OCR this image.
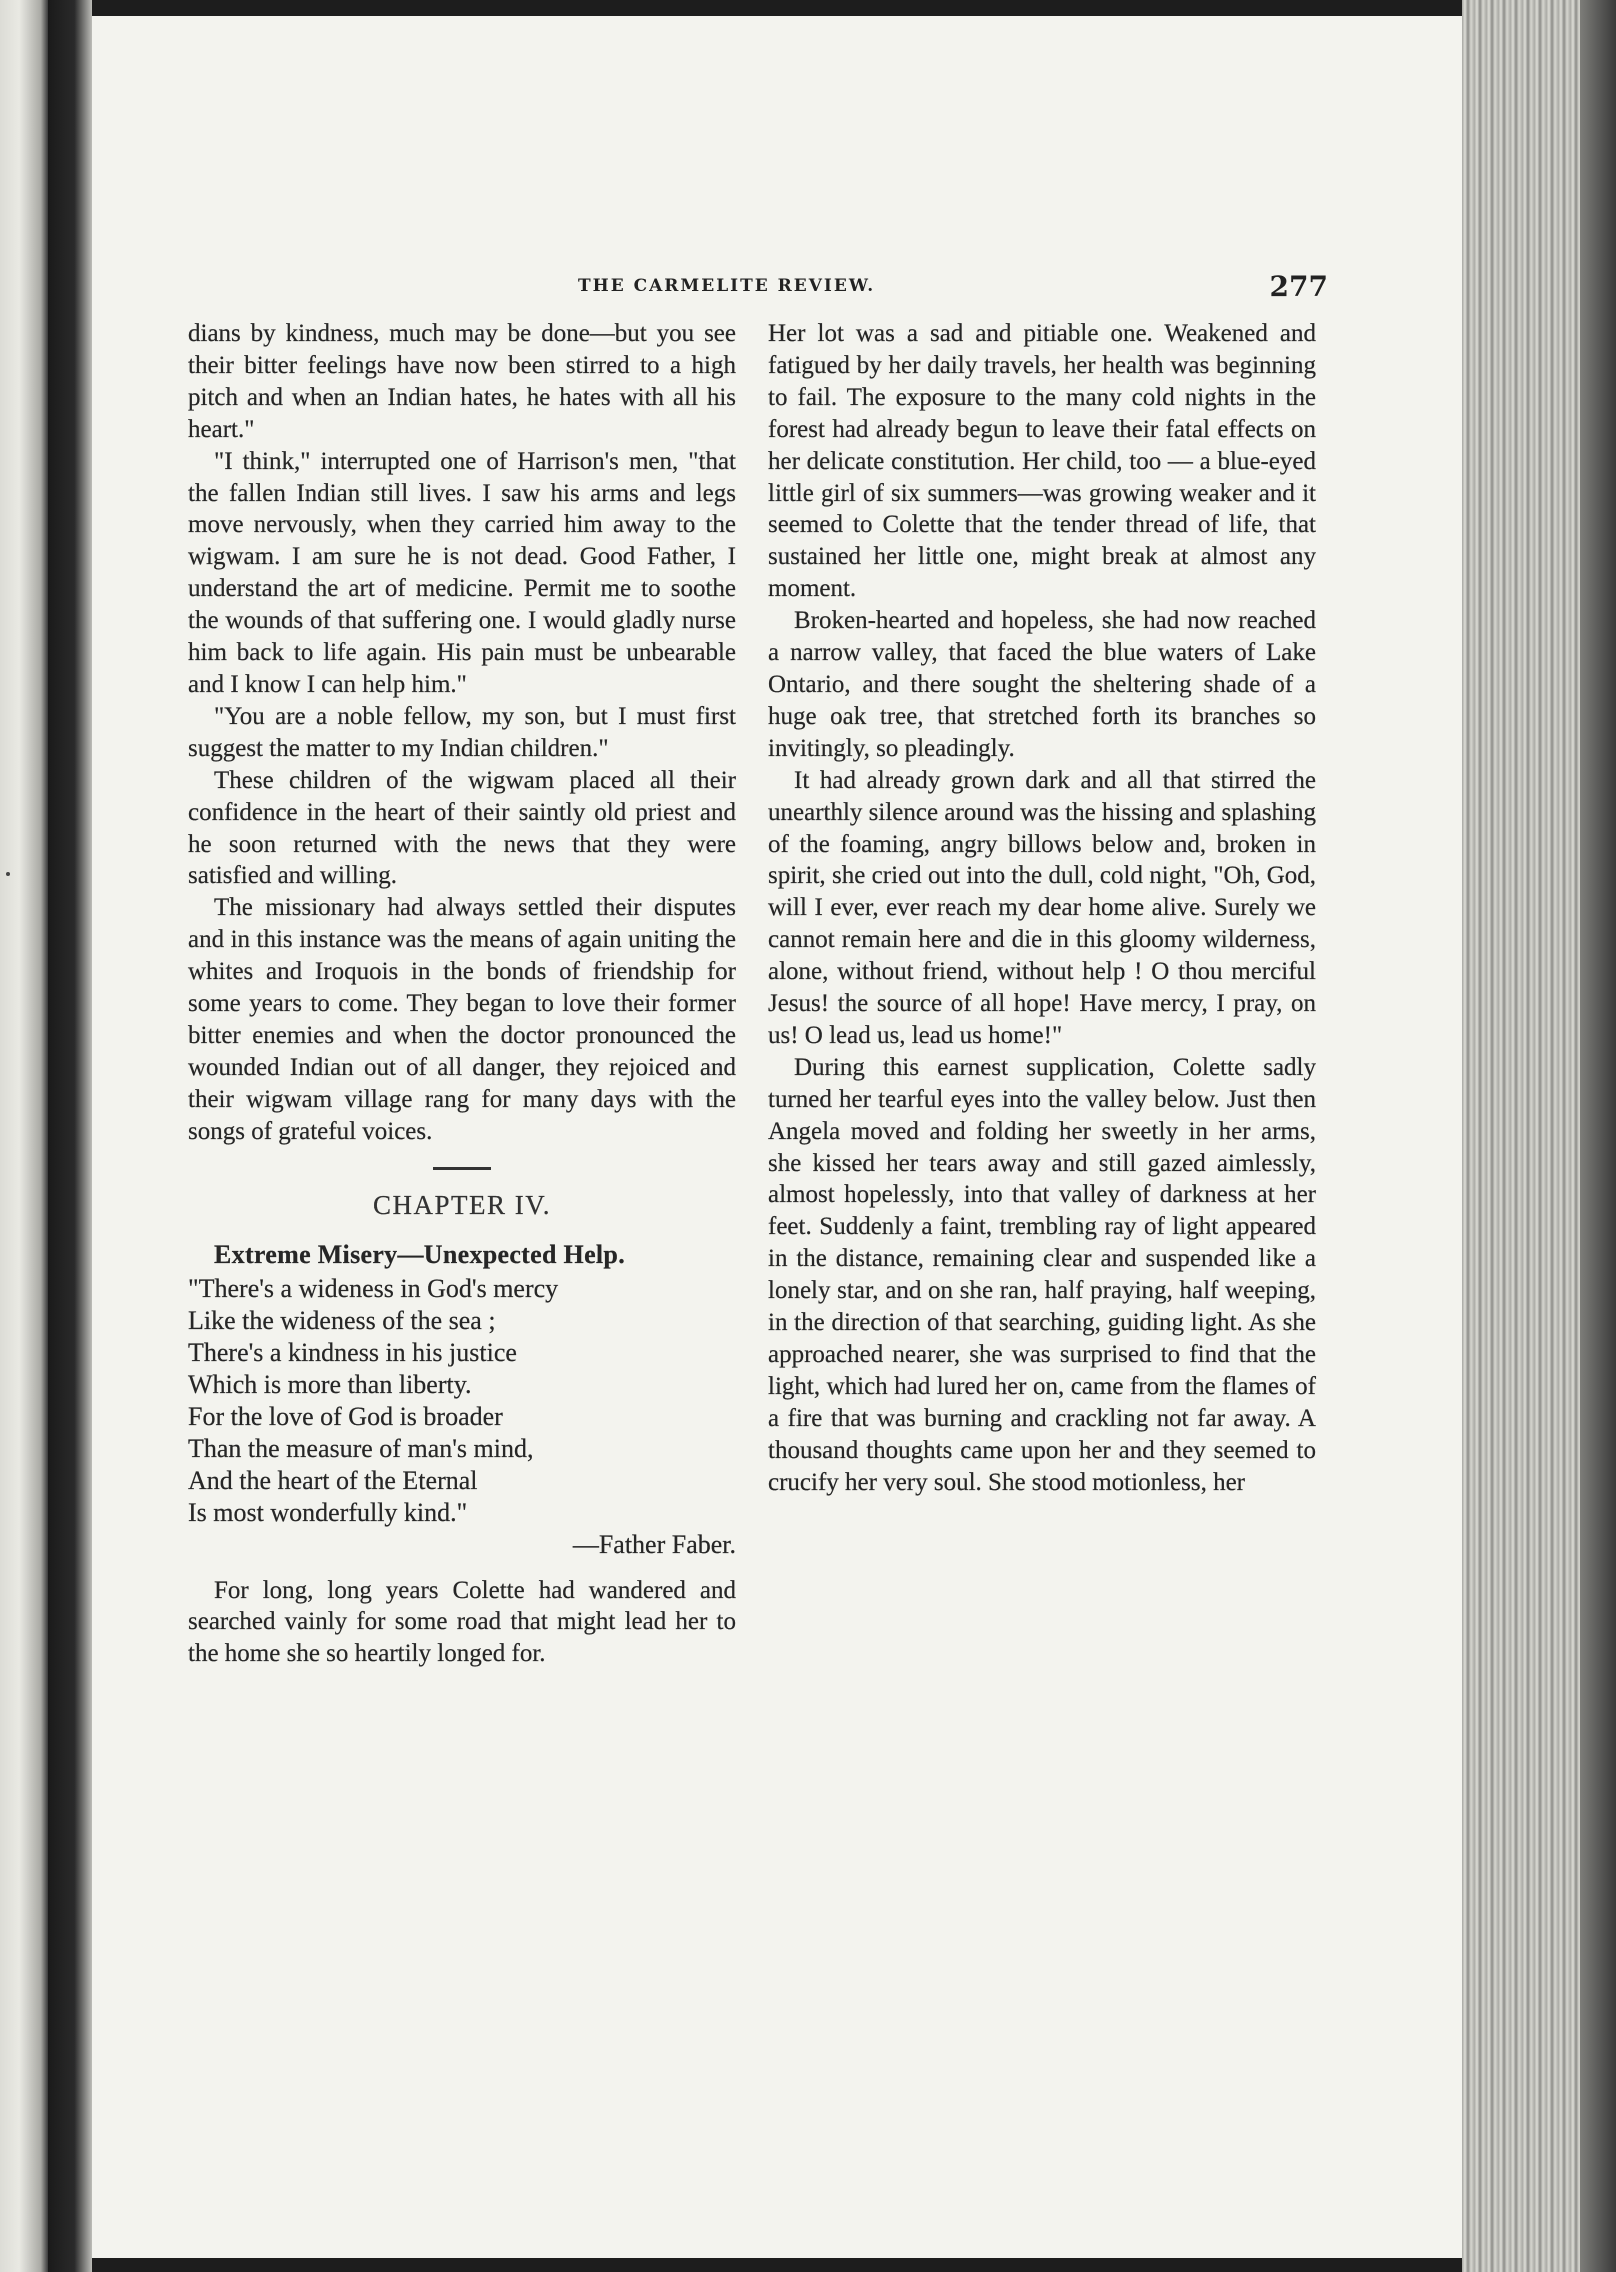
THE CARMELITE REVIEW.	277

dians by kindness, much may be done—but you see their bitter feelings have now been stirred to a high pitch and when an Indian hates, he hates with all his heart."

"I think," interrupted one of Harrison's men, "that the fallen Indian still lives. I saw his arms and legs move nervously, when they carried him away to the wigwam. I am sure he is not dead. Good Father, I understand the art of medicine. Permit me to soothe the wounds of that suffering one. I would gladly nurse him back to life again. His pain must be unbearable and I know I can help him."

"You are a noble fellow, my son, but I must first suggest the matter to my Indian children."

These children of the wigwam placed all their confidence in the heart of their saintly old priest and he soon returned with the news that they were satisfied and willing.

The missionary had always settled their disputes and in this instance was the means of again uniting the whites and Iroquois in the bonds of friendship for some years to come. They began to love their former bitter enemies and when the doctor pronounced the wounded Indian out of all danger, they rejoiced and their wigwam village rang for many days with the songs of grateful voices.

CHAPTER IV.

Extreme Misery—Unexpected Help.

"There's a wideness in God's mercy
Like the wideness of the sea ;
There's a kindness in his justice
Which is more than liberty.
For the love of God is broader
Than the measure of man's mind,
And the heart of the Eternal
Is most wonderfully kind."
—Father Faber.

For long, long years Colette had wandered and searched vainly for some road that might lead her to the home she so heartily longed for.

Her lot was a sad and pitiable one. Weakened and fatigued by her daily travels, her health was beginning to fail. The exposure to the many cold nights in the forest had already begun to leave their fatal effects on her delicate constitution. Her child, too — a blue-eyed little girl of six summers—was growing weaker and it seemed to Colette that the tender thread of life, that sustained her little one, might break at almost any moment.

Broken-hearted and hopeless, she had now reached a narrow valley, that faced the blue waters of Lake Ontario, and there sought the sheltering shade of a huge oak tree, that stretched forth its branches so invitingly, so pleadingly.

It had already grown dark and all that stirred the unearthly silence around was the hissing and splashing of the foaming, angry billows below and, broken in spirit, she cried out into the dull, cold night, "Oh, God, will I ever, ever reach my dear home alive. Surely we cannot remain here and die in this gloomy wilderness, alone, without friend, without help ! O thou merciful Jesus! the source of all hope! Have mercy, I pray, on us! O lead us, lead us home!"

During this earnest supplication, Colette sadly turned her tearful eyes into the valley below. Just then Angela moved and folding her sweetly in her arms, she kissed her tears away and still gazed aimlessly, almost hopelessly, into that valley of darkness at her feet. Suddenly a faint, trembling ray of light appeared in the distance, remaining clear and suspended like a lonely star, and on she ran, half praying, half weeping, in the direction of that searching, guiding light. As she approached nearer, she was surprised to find that the light, which had lured her on, came from the flames of a fire that was burning and crackling not far away. A thousand thoughts came upon her and they seemed to crucify her very soul. She stood motionless, her
